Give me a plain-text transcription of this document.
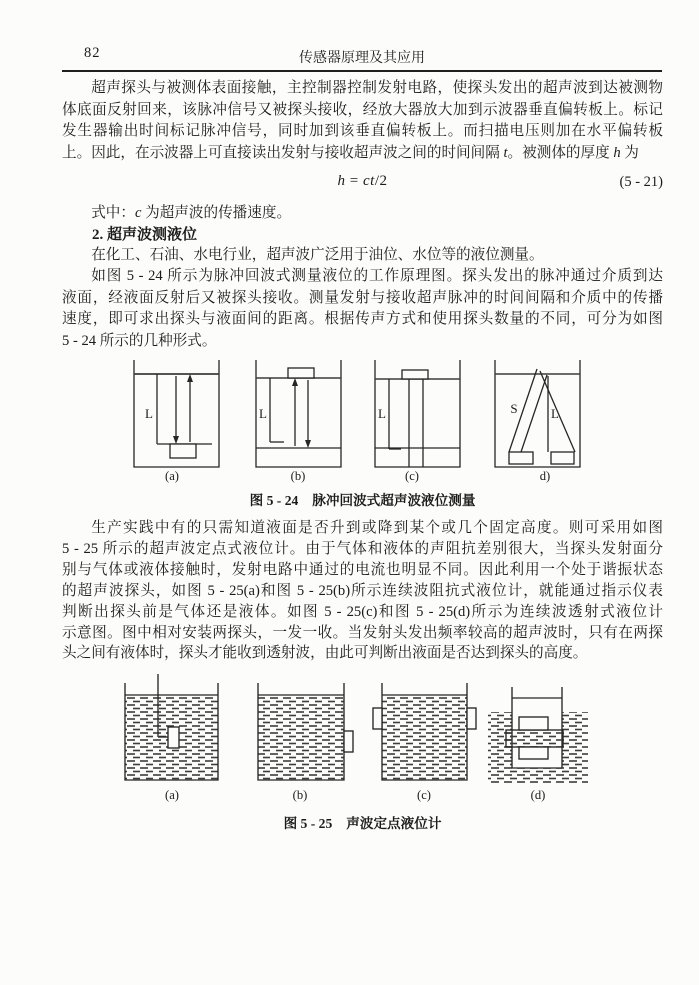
82	传感器原理及其应用
超声探头与被测体表面接触，主控制器控制发射电路，使探头发出的超声波到达被测物
体底面反射回来，该脉冲信号又被探头接收，经放大器放大加到示波器垂直偏转板上。标记
发生器输出时间标记脉冲信号，同时加到该垂直偏转板上。而扫描电压则加在水平偏转板
上。因此，在示波器上可直接读出发射与接收超声波之间的时间间隔 t。被测体的厚度 h 为
h = ct/2	(5 - 21)
式中：c 为超声波的传播速度。
2. 超声波测液位
在化工、石油、水电行业，超声波广泛用于油位、水位等的液位测量。
如图 5 - 24 所示为脉冲回波式测量液位的工作原理图。探头发出的脉冲通过介质到达
液面，经液面反射后又被探头接收。测量发射与接收超声脉冲的时间间隔和介质中的传播
速度，即可求出探头与液面间的距离。根据传声方式和使用探头数量的不同，可分为如图
5 - 24 所示的几种形式。
L
(a)
L
(b)
L
(c)
S	L
d)
图 5 - 24 脉冲回波式超声波液位测量
生产实践中有的只需知道液面是否升到或降到某个或几个固定高度。则可采用如图
5 - 25 所示的超声波定点式液位计。由于气体和液体的声阻抗差别很大，当探头发射面分
别与气体或液体接触时，发射电路中通过的电流也明显不同。因此利用一个处于谐振状态
的超声波探头，如图 5 - 25(a)和图 5 - 25(b)所示连续波阻抗式液位计，就能通过指示仪表
判断出探头前是气体还是液体。如图 5 - 25(c)和图 5 - 25(d)所示为连续波透射式液位计
示意图。图中相对安装两探头，一发一收。当发射头发出频率较高的超声波时，只有在两探
头之间有液体时，探头才能收到透射波，由此可判断出液面是否达到探头的高度。
(a)	(b)	(c)	(d)
图 5 - 25 声波定点液位计
